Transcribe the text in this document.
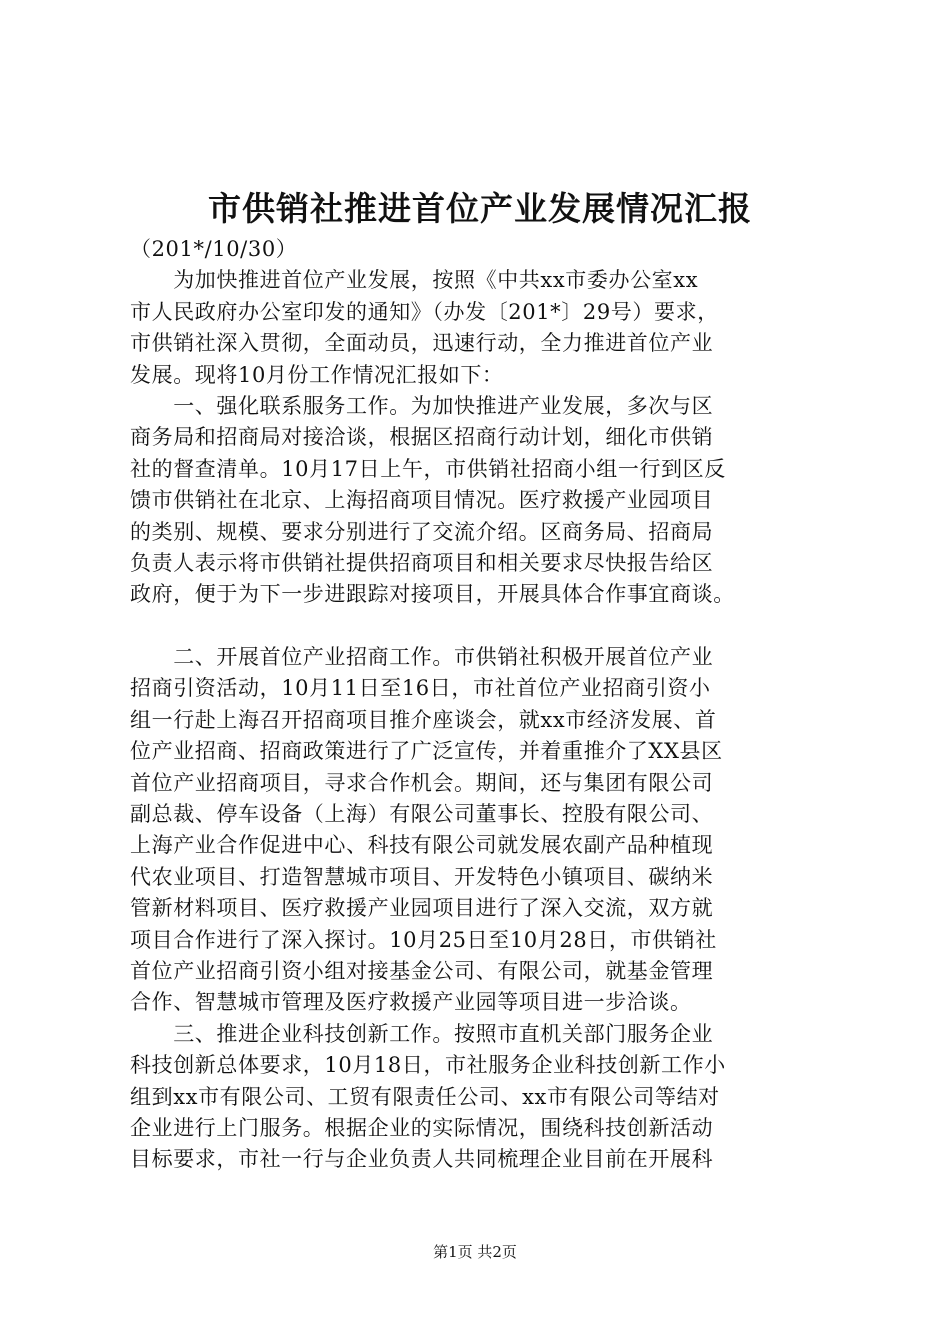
市供销社推进首位产业发展情况汇报
（201*/10/30）
　　为加快推进首位产业发展，按照《中共xx市委办公室xx
市人民政府办公室印发的通知》（办发〔201*〕29号）要求，
市供销社深入贯彻，全面动员，迅速行动，全力推进首位产业
发展。现将10月份工作情况汇报如下：
　　一、强化联系服务工作。为加快推进产业发展，多次与区
商务局和招商局对接洽谈，根据区招商行动计划，细化市供销
社的督查清单。10月17日上午，市供销社招商小组一行到区反
馈市供销社在北京、上海招商项目情况。医疗救援产业园项目
的类别、规模、要求分别进行了交流介绍。区商务局、招商局
负责人表示将市供销社提供招商项目和相关要求尽快报告给区
政府，便于为下一步进跟踪对接项目，开展具体合作事宜商谈。
　　二、开展首位产业招商工作。市供销社积极开展首位产业
招商引资活动，10月11日至16日，市社首位产业招商引资小
组一行赴上海召开招商项目推介座谈会，就xx市经济发展、首
位产业招商、招商政策进行了广泛宣传，并着重推介了XX县区
首位产业招商项目，寻求合作机会。期间，还与集团有限公司
副总裁、停车设备（上海）有限公司董事长、控股有限公司、
上海产业合作促进中心、科技有限公司就发展农副产品种植现
代农业项目、打造智慧城市项目、开发特色小镇项目、碳纳米
管新材料项目、医疗救援产业园项目进行了深入交流，双方就
项目合作进行了深入探讨。10月25日至10月28日，市供销社
首位产业招商引资小组对接基金公司、有限公司，就基金管理
合作、智慧城市管理及医疗救援产业园等项目进一步洽谈。
　　三、推进企业科技创新工作。按照市直机关部门服务企业
科技创新总体要求，10月18日，市社服务企业科技创新工作小
组到xx市有限公司、工贸有限责任公司、xx市有限公司等结对
企业进行上门服务。根据企业的实际情况，围绕科技创新活动
目标要求，市社一行与企业负责人共同梳理企业目前在开展科
第1页 共2页
